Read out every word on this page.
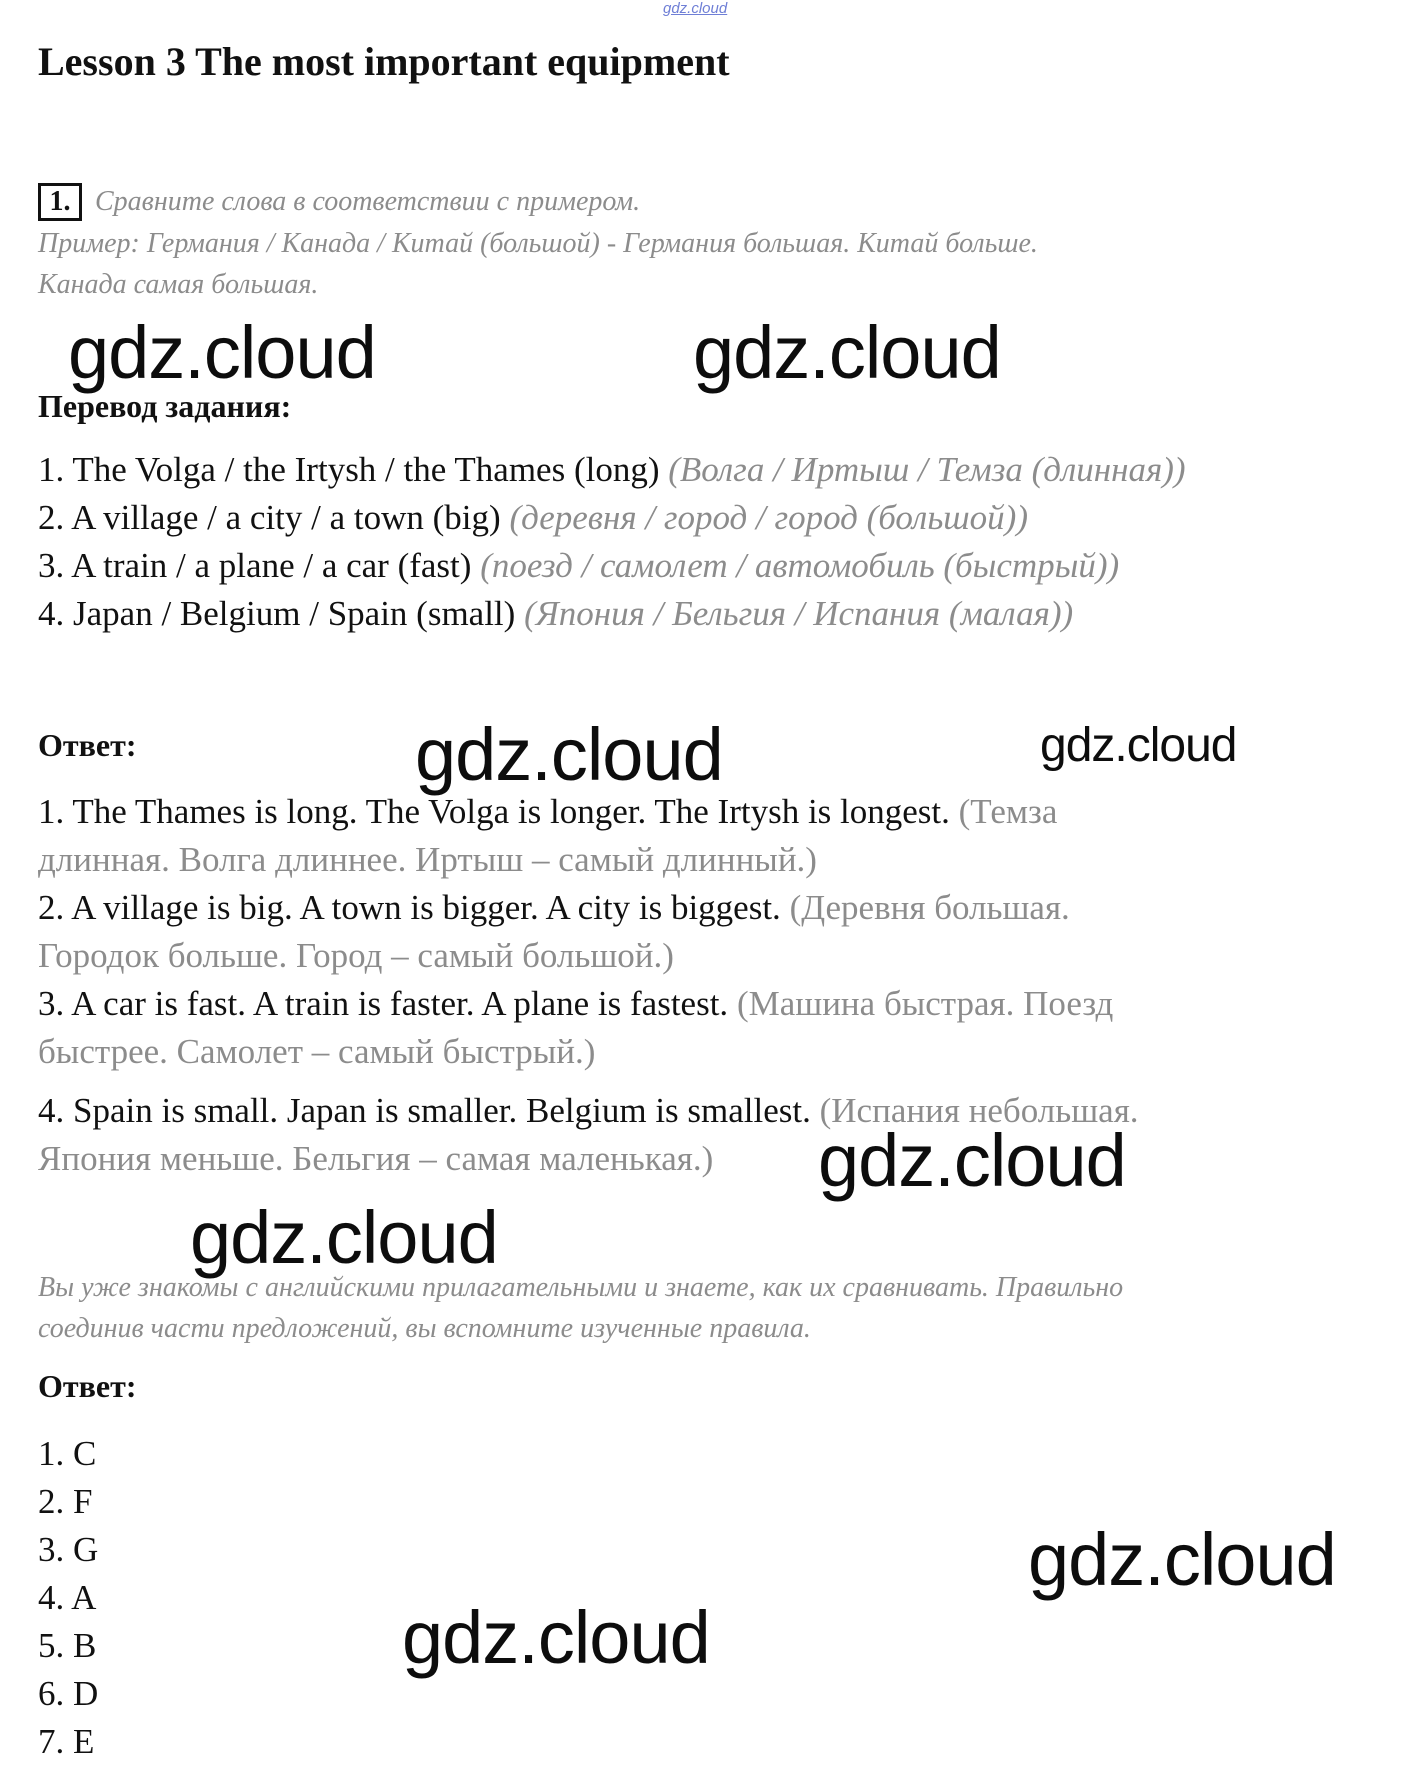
gdz.cloud
Lesson 3 The most important equipment
1. Сравните слова в соответствии с примером.
Пример: Германия / Канада / Китай (большой) - Германия большая. Китай больше.
Канада самая большая.
Перевод задания:
1. The Volga / the Irtysh / the Thames (long) (Волга / Иртыш / Темза (длинная))
2. A village / a city / a town (big) (деревня / город / город (большой))
3. A train / a plane / a car (fast) (поезд / самолет / автомобиль (быстрый))
4. Japan / Belgium / Spain (small) (Япония / Бельгия / Испания (малая))
Ответ:
1. The Thames is long. The Volga is longer. The Irtysh is longest. (Темза
длинная. Волга длиннее. Иртыш – самый длинный.)
2. A village is big. A town is bigger. A city is biggest. (Деревня большая.
Городок больше. Город – самый большой.)
3. A car is fast. A train is faster. A plane is fastest. (Машина быстрая. Поезд
быстрее. Самолет – самый быстрый.)
4. Spain is small. Japan is smaller. Belgium is smallest. (Испания небольшая.
Япония меньше. Бельгия – самая маленькая.)
Вы уже знакомы с английскими прилагательными и знаете, как их сравнивать. Правильно
соединив части предложений, вы вспомните изученные правила.
Ответ:
1. C
2. F
3. G
4. A
5. B
6. D
7. E
gdz.cloud	gdz.cloud
gdz.cloud	gdz.cloud
gdz.cloud
gdz.cloud
gdz.cloud
gdz.cloud
